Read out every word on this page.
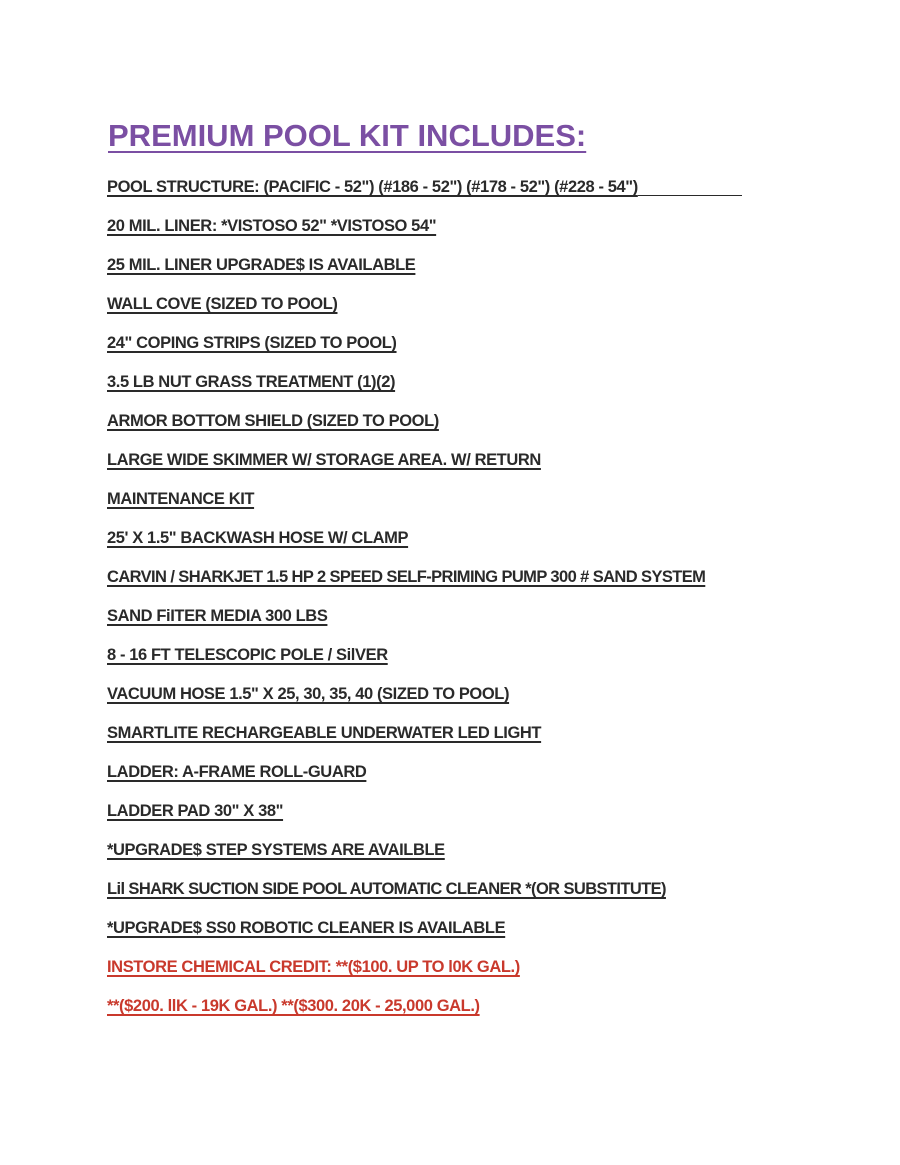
PREMIUM POOL KIT INCLUDES:
POOL STRUCTURE: (PACIFIC - 52") (#186 - 52") (#178 - 52") (#228 - 54")
20 MIL. LINER: *VISTOSO 52" *VISTOSO 54"
25 MIL. LINER UPGRADE$ IS AVAILABLE
WALL COVE (SIZED TO POOL)
24" COPING STRIPS (SIZED TO POOL)
3.5 LB NUT GRASS TREATMENT (1)(2)
ARMOR BOTTOM SHIELD (SIZED TO POOL)
LARGE WIDE SKIMMER W/ STORAGE AREA. W/ RETURN
MAINTENANCE KIT
25' X 1.5" BACKWASH HOSE W/ CLAMP
CARVIN / SHARKJET 1.5 HP 2 SPEED SELF-PRIMING PUMP 300 # SAND SYSTEM
SAND FiITER MEDIA 300 LBS
8 - 16 FT TELESCOPIC POLE / SilVER
VACUUM HOSE 1.5" X 25, 30, 35, 40 (SIZED TO POOL)
SMARTLITE RECHARGEABLE UNDERWATER LED LIGHT
LADDER: A-FRAME ROLL-GUARD
LADDER PAD 30" X 38"
*UPGRADE$ STEP SYSTEMS ARE AVAILBLE
Lil SHARK SUCTION SIDE POOL AUTOMATIC CLEANER *(OR SUBSTITUTE)
*UPGRADE$ SS0 ROBOTIC CLEANER IS AVAILABLE
INSTORE CHEMICAL CREDIT: **($100. UP TO l0K GAL.)
**($200. llK - 19K GAL.) **($300. 20K - 25,000 GAL.)
